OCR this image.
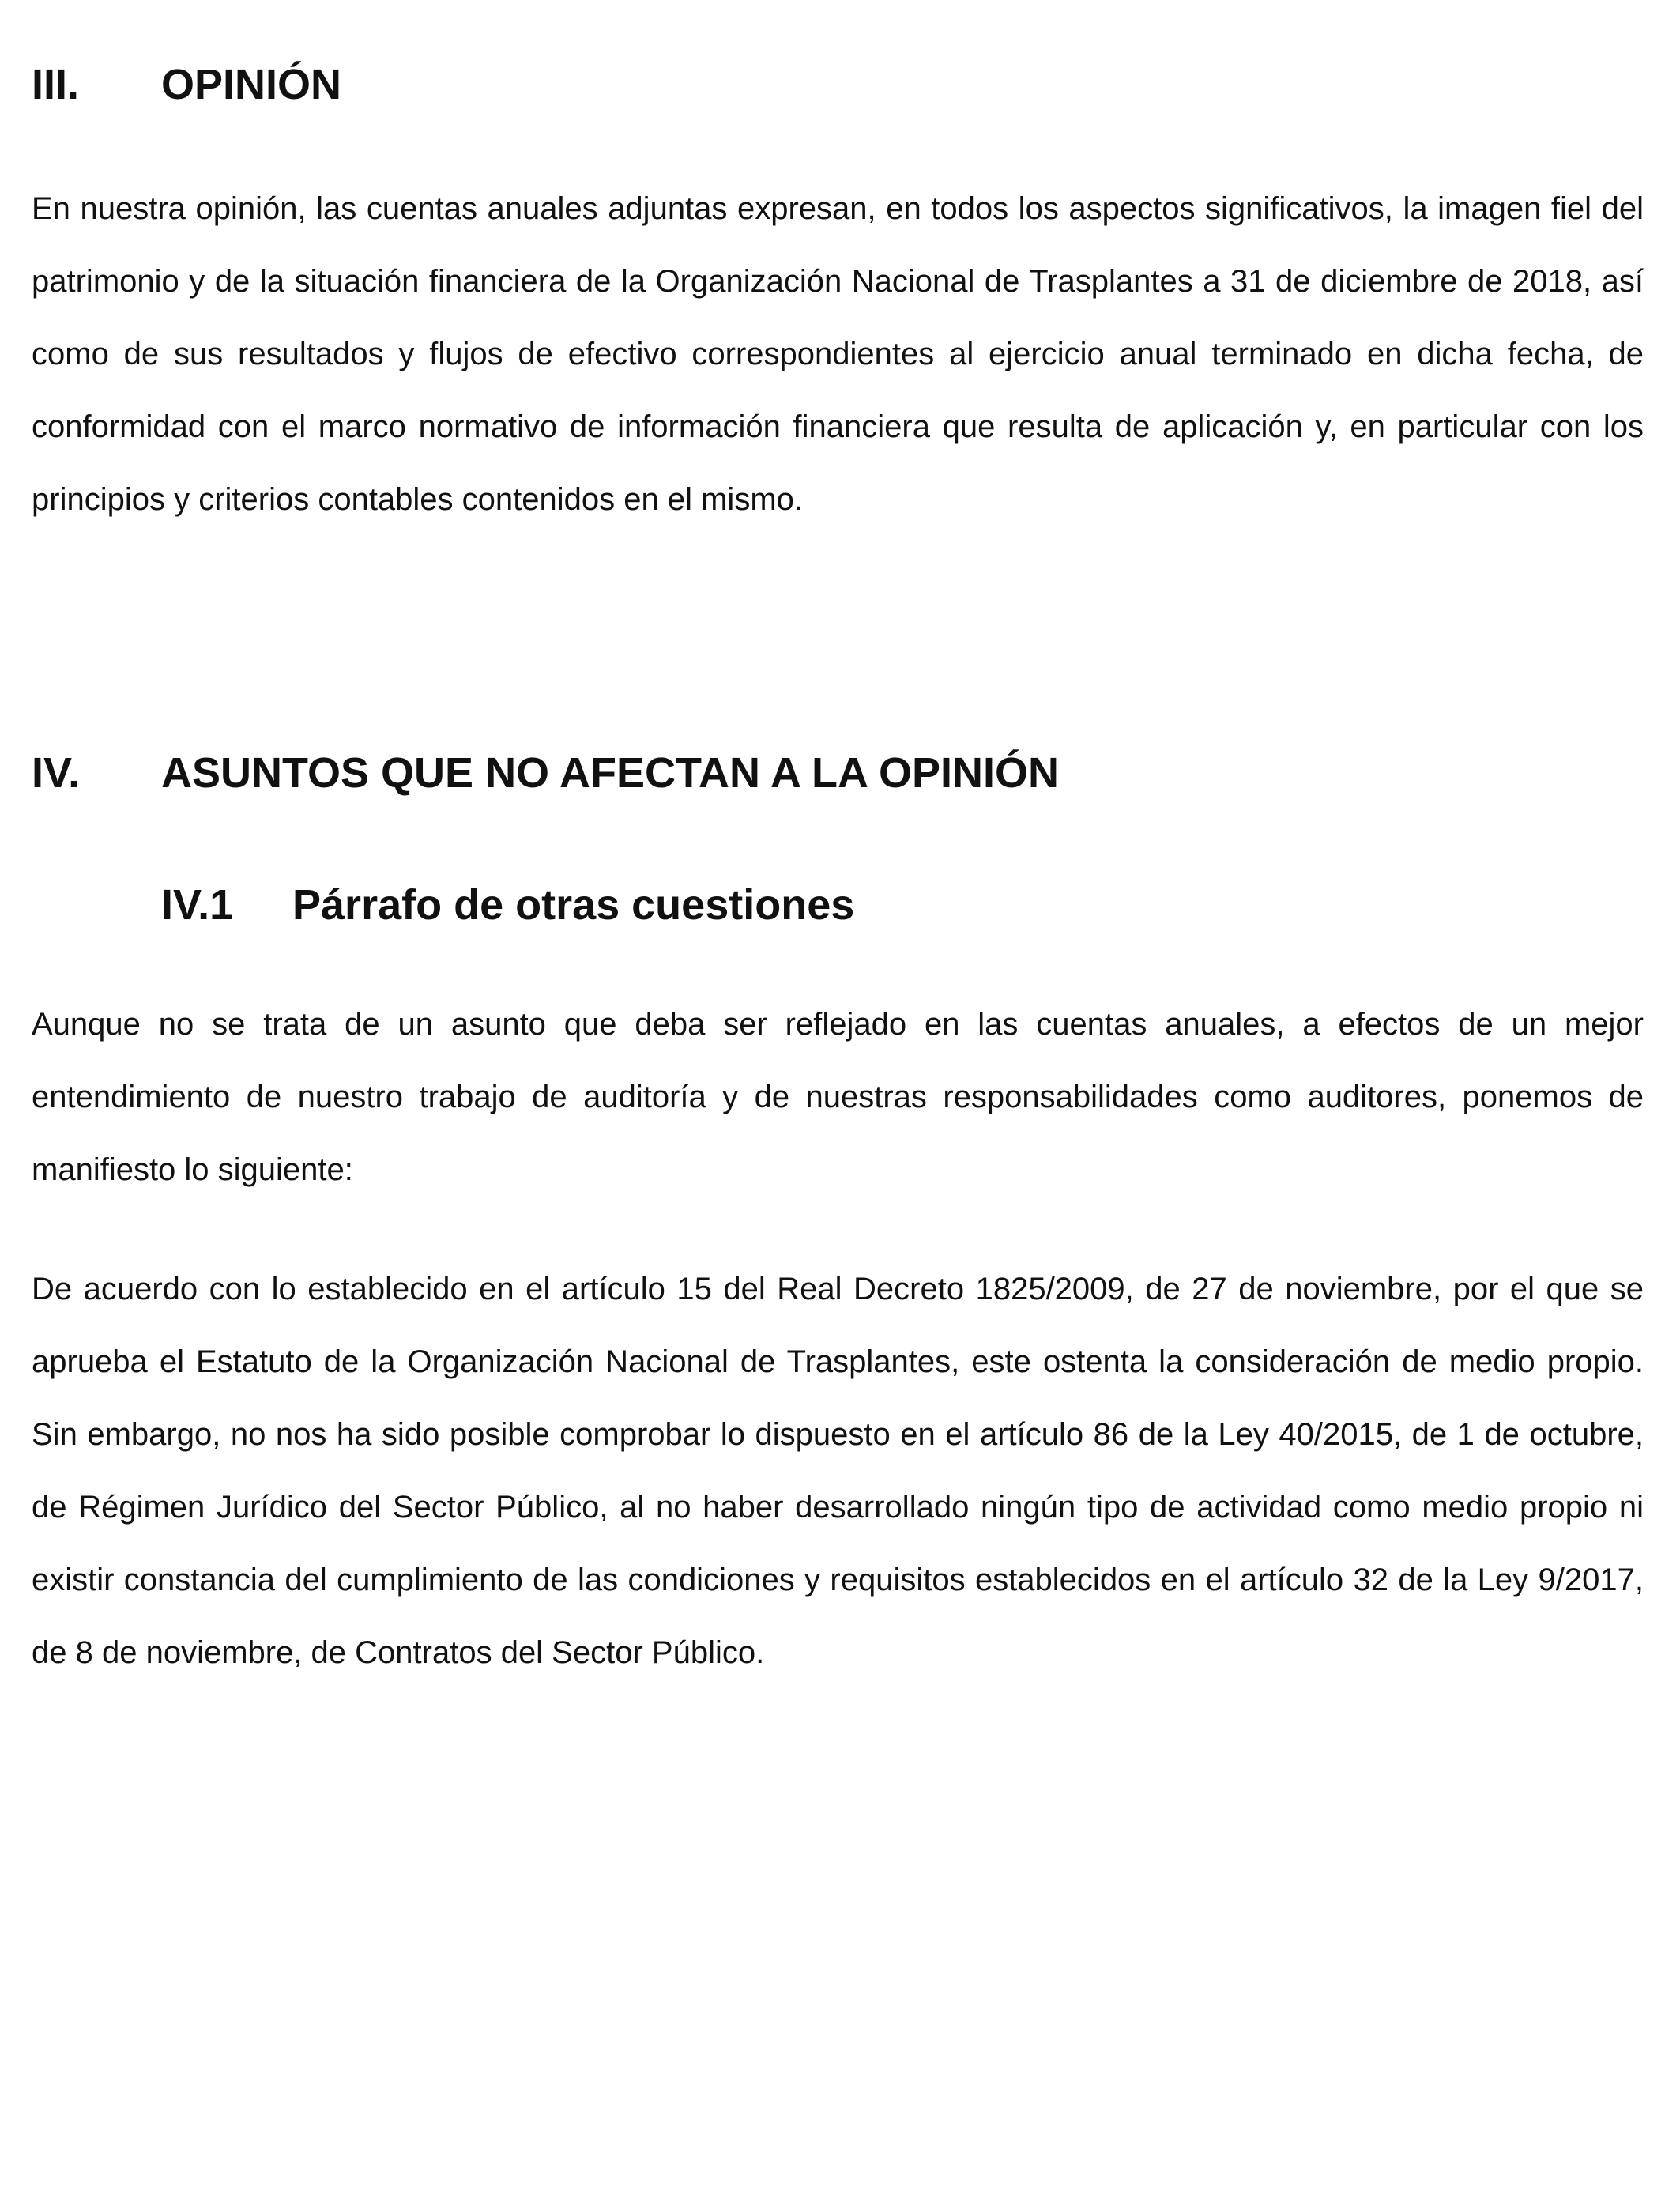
III. OPINIÓN

En nuestra opinión, las cuentas anuales adjuntas expresan, en todos los aspectos significativos, la imagen fiel del patrimonio y de la situación financiera de la Organización Nacional de Trasplantes a 31 de diciembre de 2018, así como de sus resultados y flujos de efectivo correspondientes al ejercicio anual terminado en dicha fecha, de conformidad con el marco normativo de información financiera que resulta de aplicación y, en particular con los principios y criterios contables contenidos en el mismo.

IV. ASUNTOS QUE NO AFECTAN A LA OPINIÓN
IV.1 Párrafo de otras cuestiones

Aunque no se trata de un asunto que deba ser reflejado en las cuentas anuales, a efectos de un mejor entendimiento de nuestro trabajo de auditoría y de nuestras responsabilidades como auditores, ponemos de manifiesto lo siguiente:

De acuerdo con lo establecido en el artículo 15 del Real Decreto 1825/2009, de 27 de noviembre, por el que se aprueba el Estatuto de la Organización Nacional de Trasplantes, este ostenta la consideración de medio propio. Sin embargo, no nos ha sido posible comprobar lo dispuesto en el artículo 86 de la Ley 40/2015, de 1 de octubre, de Régimen Jurídico del Sector Público, al no haber desarrollado ningún tipo de actividad como medio propio ni existir constancia del cumplimiento de las condiciones y requisitos establecidos en el artículo 32 de la Ley 9/2017, de 8 de noviembre, de Contratos del Sector Público.
